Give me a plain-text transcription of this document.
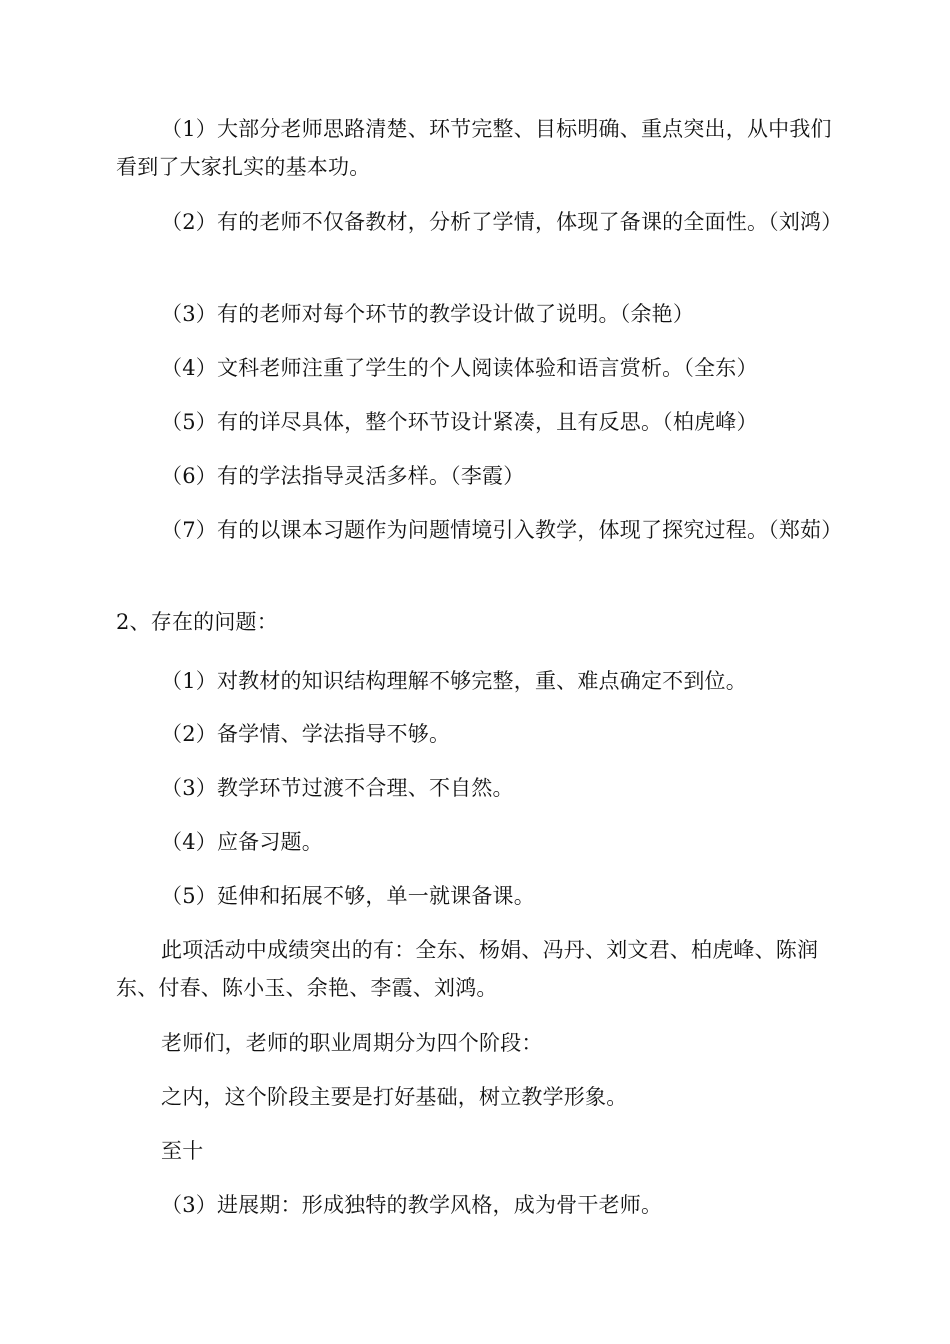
（1）大部分老师思路清楚、环节完整、目标明确、重点突出，从中我们看到了大家扎实的基本功。
（2）有的老师不仅备教材，分析了学情，体现了备课的全面性。（刘鸿）
（3）有的老师对每个环节的教学设计做了说明。（余艳）
（4）文科老师注重了学生的个人阅读体验和语言赏析。（全东）
（5）有的详尽具体，整个环节设计紧凑，且有反思。（柏虎峰）
（6）有的学法指导灵活多样。（李霞）
（7）有的以课本习题作为问题情境引入教学，体现了探究过程。（郑茹）
2、存在的问题：
（1）对教材的知识结构理解不够完整，重、难点确定不到位。
（2）备学情、学法指导不够。
（3）教学环节过渡不合理、不自然。
（4）应备习题。
（5）延伸和拓展不够，单一就课备课。
此项活动中成绩突出的有：全东、杨娟、冯丹、刘文君、柏虎峰、陈润东、付春、陈小玉、余艳、李霞、刘鸿。
老师们，老师的职业周期分为四个阶段：
之内，这个阶段主要是打好基础，树立教学形象。
至十
（3）进展期：形成独特的教学风格，成为骨干老师。
